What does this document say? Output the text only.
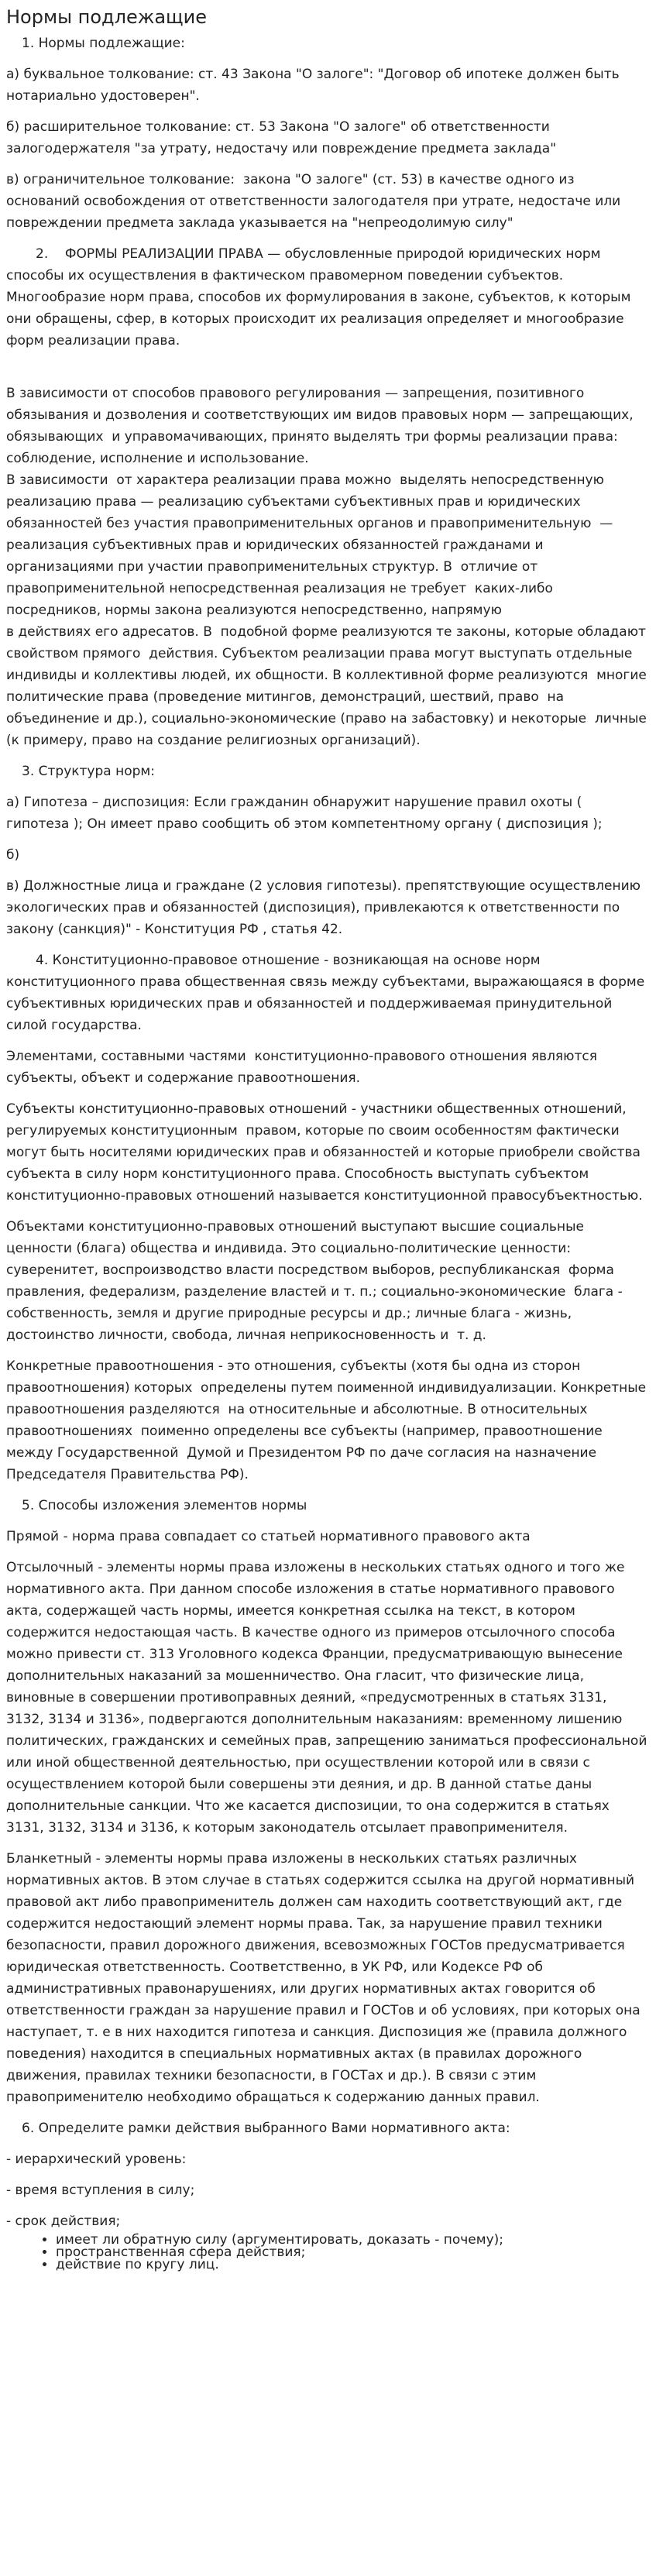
Нормы подлежащие

1. Нормы подлежащие:

а) буквальное толкование: ст. 43 Закона "О залоге": "Договор об ипотеке должен быть нотариально удостоверен".

б) расширительное толкование: ст. 53 Закона "О залоге" об ответственности залогодержателя "за утрату, недостачу или повреждение предмета заклада"

в) ограничительное толкование:  закона "О залоге" (ст. 53) в качестве одного из оснований освобождения от ответственности залогодателя при утрате, недостаче или повреждении предмета заклада указывается на "непреодолимую силу"

2.    ФОРМЫ РЕАЛИЗАЦИИ ПРАВА — обусловленные природой юридических норм способы их осуществления в фактическом правомерном поведении субъектов. Многообразие норм права, способов их формулирования в законе, субъектов, к которым они обращены, сфер, в которых происходит их реализация определяет и многообразие форм реализации права.

В зависимости от способов правового регулирования — запрещения, позитивного обязывания и дозволения и соответствующих им видов правовых норм — запрещающих, обязывающих  и управомачивающих, принято выделять три формы реализации права: соблюдение, исполнение и использование.
В зависимости  от характера реализации права можно  выделять непосредственную реализацию права — реализацию субъектами субъективных прав и юридических обязанностей без участия правоприменительных органов и правоприменительную  — реализация субъективных прав и юридических обязанностей гражданами и организациями при участии правоприменительных структур. В  отличие от правоприменительной непосредственная реализация не требует  каких-либо посредников, нормы закона реализуются непосредственно, напрямую
в действиях его адресатов. В  подобной форме реализуются те законы, которые обладают свойством прямого  действия. Субъектом реализации права могут выступать отдельные индивиды и коллективы людей, их общности. В коллективной форме реализуются  многие политические права (проведение митингов, демонстраций, шествий, право  на объединение и др.), социально-экономические (право на забастовку) и некоторые  личные (к примеру, право на создание религиозных организаций).

3. Структура норм:

а) Гипотеза – диспозиция: Если гражданин обнаружит нарушение правил охоты ( гипотеза ); Он имеет право сообщить об этом компетентному органу ( диспозиция );

б)

в) Должностные лица и граждане (2 условия гипотезы). препятствующие осуществлению экологических прав и обязанностей (диспозиция), привлекаются к ответственности по закону (санкция)" - Конституция РФ , статья 42.

4. Конституционно-правовое отношение - возникающая на основе норм конституционного права общественная связь между субъектами, выражающаяся в форме субъективных юридических прав и обязанностей и поддерживаемая принудительной силой государства.

Элементами, составными частями  конституционно-правового отношения являются субъекты, объект и содержание правоотношения.

Субъекты конституционно-правовых отношений - участники общественных отношений, регулируемых конституционным  правом, которые по своим особенностям фактически могут быть носителями юридических прав и обязанностей и которые приобрели свойства субъекта в силу норм конституционного права. Способность выступать субъектом конституционно-правовых отношений называется конституционной правосубъектностью.

Объектами конституционно-правовых отношений выступают высшие социальные ценности (блага) общества и индивида. Это социально-политические ценности: суверенитет, воспроизводство власти посредством выборов, республиканская  форма правления, федерализм, разделение властей и т. п.; социально-экономические  блага - собственность, земля и другие природные ресурсы и др.; личные блага - жизнь, достоинство личности, свобода, личная неприкосновенность и  т. д.

Конкретные правоотношения - это отношения, субъекты (хотя бы одна из сторон правоотношения) которых  определены путем поименной индивидуализации. Конкретные правоотношения разделяются  на относительные и абсолютные. В относительных правоотношениях  поименно определены все субъекты (например, правоотношение между Государственной  Думой и Президентом РФ по даче согласия на назначение Председателя Правительства РФ).

5. Способы изложения элементов нормы

Прямой - норма права совпадает со статьей нормативного правового акта

Отсылочный - элементы нормы права изложены в нескольких статьях одного и того же нормативного акта. При данном способе изложения в статье нормативного правового акта, содержащей часть нормы, имеется конкретная ссылка на текст, в котором содержится недостающая часть. В качестве одного из примеров отсылочного способа можно привести ст. 313 Уголовного кодекса Франции, предусматривающую вынесение дополнительных наказаний за мошенничество. Она гласит, что физические лица, виновные в совершении противоправных деяний, «предусмотренных в статьях 3131, 3132, 3134 и 3136», подвергаются дополнительным наказаниям: временному лишению политических, гражданских и семейных прав, запрещению заниматься профессиональной или иной общественной деятельностью, при осуществлении которой или в связи с осуществлением которой были совершены эти деяния, и др. В данной статье даны дополнительные санкции. Что же касается диспозиции, то она содержится в статьях 3131, 3132, 3134 и 3136, к которым законодатель отсылает правоприменителя.

Бланкетный - элементы нормы права изложены в нескольких статьях различных нормативных актов. В этом случае в статьях содержится ссылка на другой нормативный правовой акт либо правоприменитель должен сам находить соответствующий акт, где содержится недостающий элемент нормы права. Так, за нарушение правил техники безопасности, правил дорожного движения, всевозможных ГОСТов предусматривается юридическая ответственность. Соответственно, в УК РФ, или Кодексе РФ об административных правонарушениях, или других нормативных актах говорится об ответственности граждан за нарушение правил и ГОСТов и об условиях, при которых она наступает, т. е в них находится гипотеза и санкция. Диспозиция же (правила должного поведения) находится в специальных нормативных актах (в правилах дорожного движения, правилах техники безопасности, в ГОСТах и др.). В связи с этим правоприменителю необходимо обращаться к содержанию данных правил.

6. Определите рамки действия выбранного Вами нормативного акта:

- иерархический уровень:

- время вступления в силу;

- срок действия;

• имеет ли обратную силу (аргументировать, доказать - почему);
• пространственная сфера действия;
• действие по кругу лиц.
